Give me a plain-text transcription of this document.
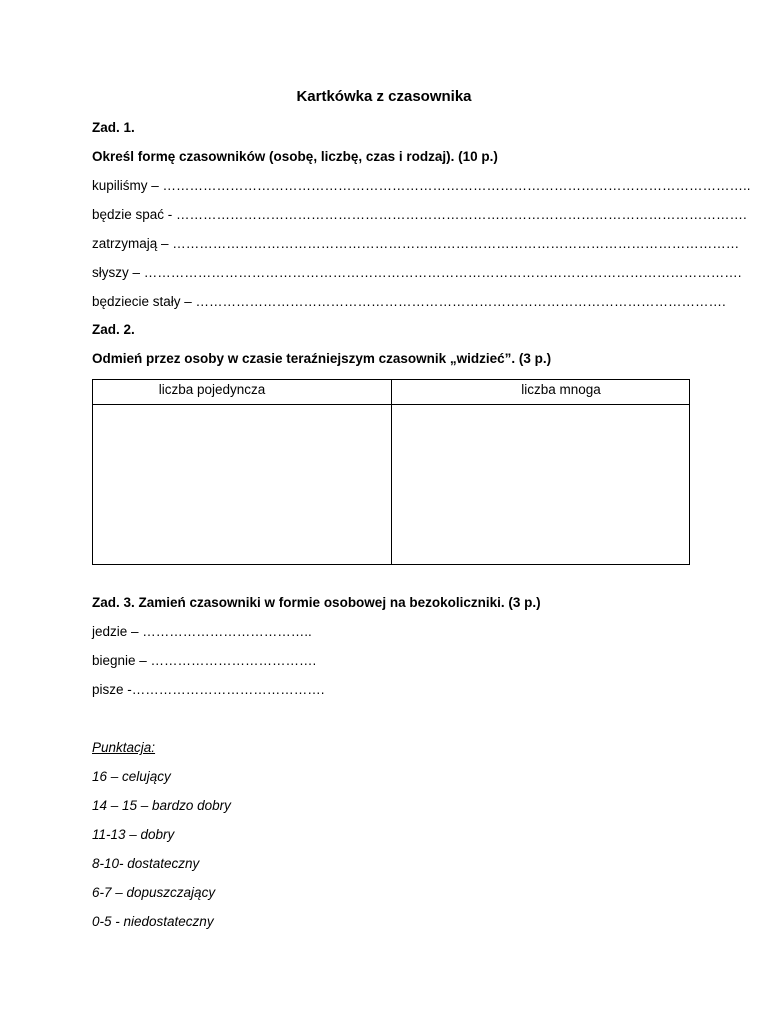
Kartkówka z czasownika
Zad. 1.
Określ formę czasowników (osobę, liczbę, czas i rodzaj). (10 p.)
kupiliśmy – …………………………………………………………………………………………………………………..
będzie spać - ……………………………………………………………………………………………………………….
zatrzymają – ………………………………………………………………………………………………………………
słyszy – …………………………………………………………………………………………………………………….
będziecie stały – ……………………………………………………………………………………………………….
Zad. 2.
Odmień przez osoby w czasie teraźniejszym czasownik „widzieć”. (3 p.)
liczba pojedyncza	liczba mnoga
Zad. 3. Zamień czasowniki w formie osobowej na bezokoliczniki. (3 p.)
jedzie – ………………………………..
biegnie – ……………………………….
pisze -…………………………………….
Punktacja:
16 – celujący
14 – 15 – bardzo dobry
11-13 – dobry
8-10- dostateczny
6-7 – dopuszczający
0-5 - niedostateczny
